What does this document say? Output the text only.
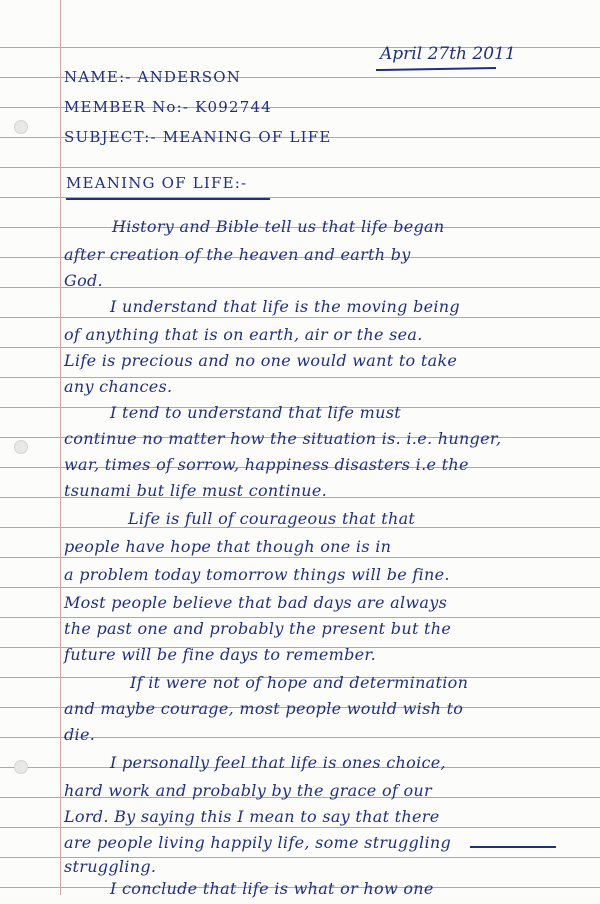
April 27th 2011
NAME:- ANDERSON
MEMBER No:- K092744
SUBJECT:- MEANING OF LIFE
MEANING OF LIFE:-
History and Bible tell us that life began
after creation of the heaven and earth by
God.
I understand that life is the moving being
of anything that is on earth, air or the sea.
Life is precious and no one would want to take
any chances.
I tend to understand that life must
continue no matter how the situation is. i.e. hunger,
war, times of sorrow, happiness disasters i.e the
tsunami but life must continue.
Life is full of courageous that that
people have hope that though one is in
a problem today tomorrow things will be fine.
Most people believe that bad days are always
the past one and probably the present but the
future will be fine days to remember.
If it were not of hope and determination
and maybe courage, most people would wish to
die.
I personally feel that life is ones choice,
hard work and probably by the grace of our
Lord. By saying this I mean to say that there
are people living happily life, some struggling
struggling.
I conclude that life is what or how one
